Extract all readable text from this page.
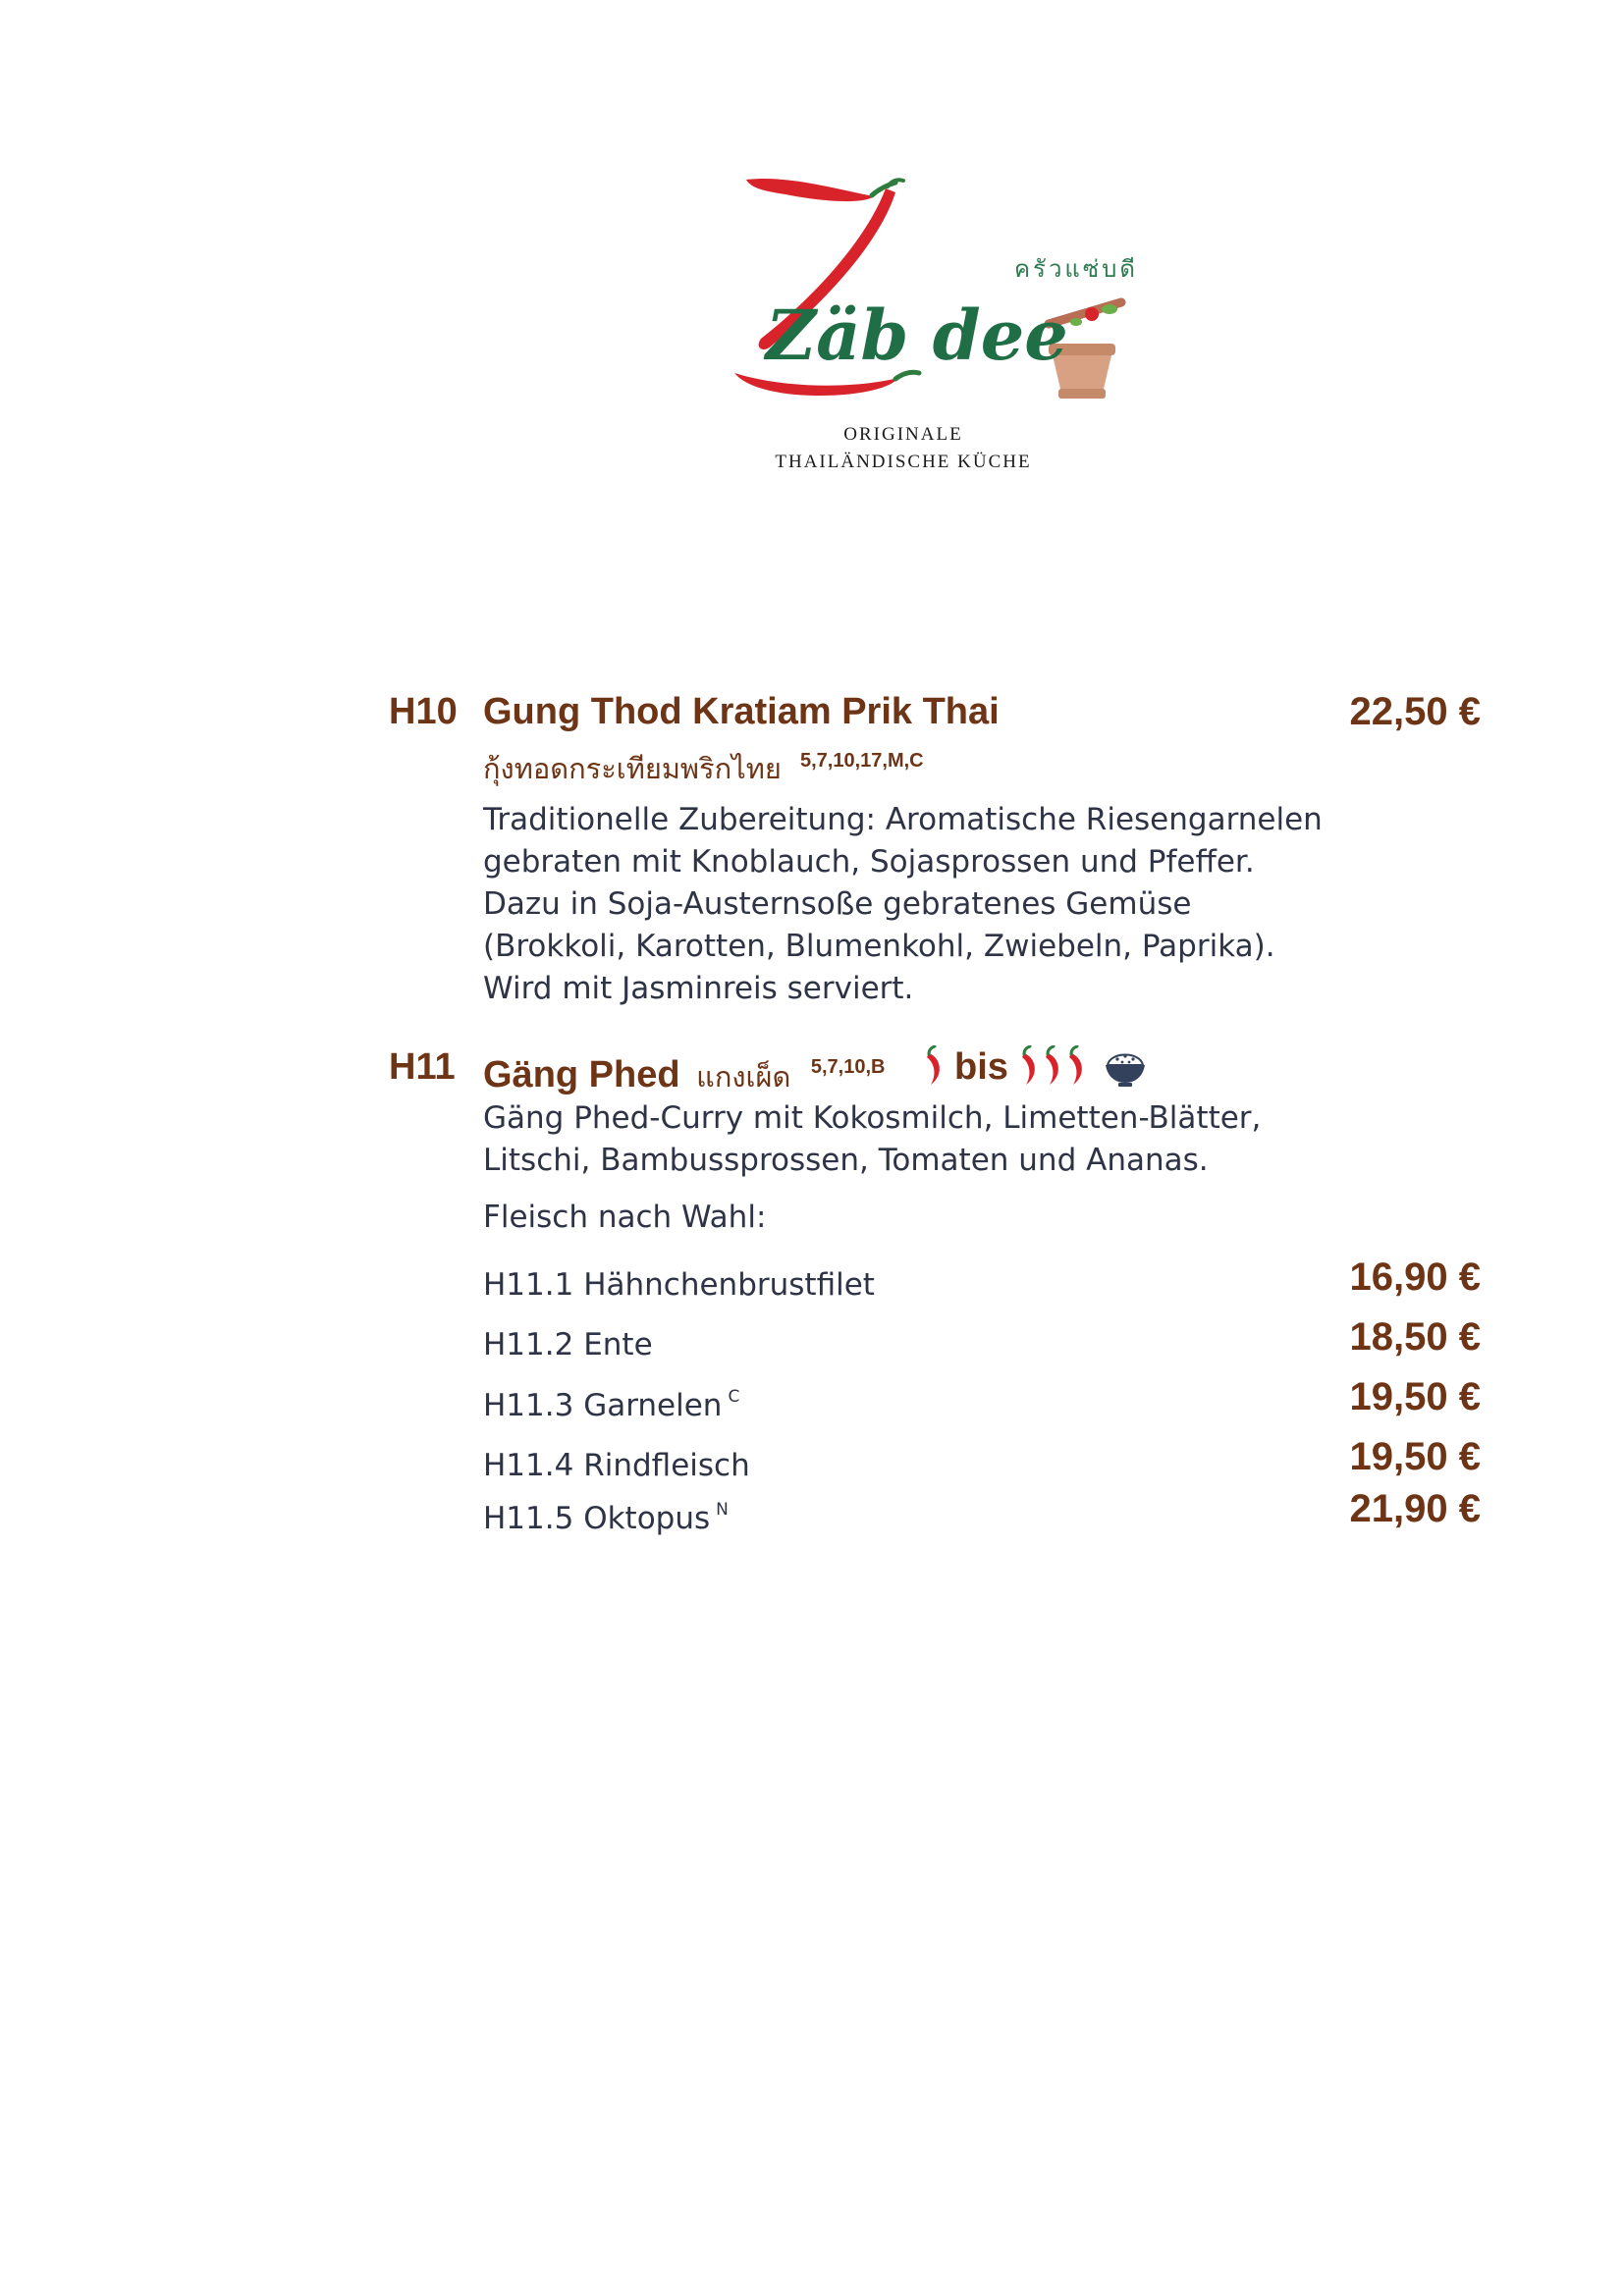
ครัวแซ่บดี
Zäb dee
ORIGINALE
THAILÄNDISCHE KÜCHE
H10 Gung Thod Kratiam Prik Thai	22,50 €
กุ้งทอดกระเทียมพริกไทย 5,7,10,17,M,C
Traditionelle Zubereitung: Aromatische Riesengarnelen
gebraten mit Knoblauch, Sojasprossen und Pfeffer.
Dazu in Soja-Austernsoße gebratenes Gemüse
(Brokkoli, Karotten, Blumenkohl, Zwiebeln, Paprika).
Wird mit Jasminreis serviert.
H11 Gäng Phed แกงเผ็ด $^{5,7,10,B}$ bis
Gäng Phed-Curry mit Kokosmilch, Limetten-Blätter,
Litschi, Bambussprossen, Tomaten und Ananas.
Fleisch nach Wahl:
H11.1 Hähnchenbrustfilet	16,90 €
H11.2 Ente	18,50 €
H11.3 Garnelen $^C$	19,50 €
H11.4 Rindfleisch	19,50 €
H11.5 Oktopus $^N$	21,90 €
